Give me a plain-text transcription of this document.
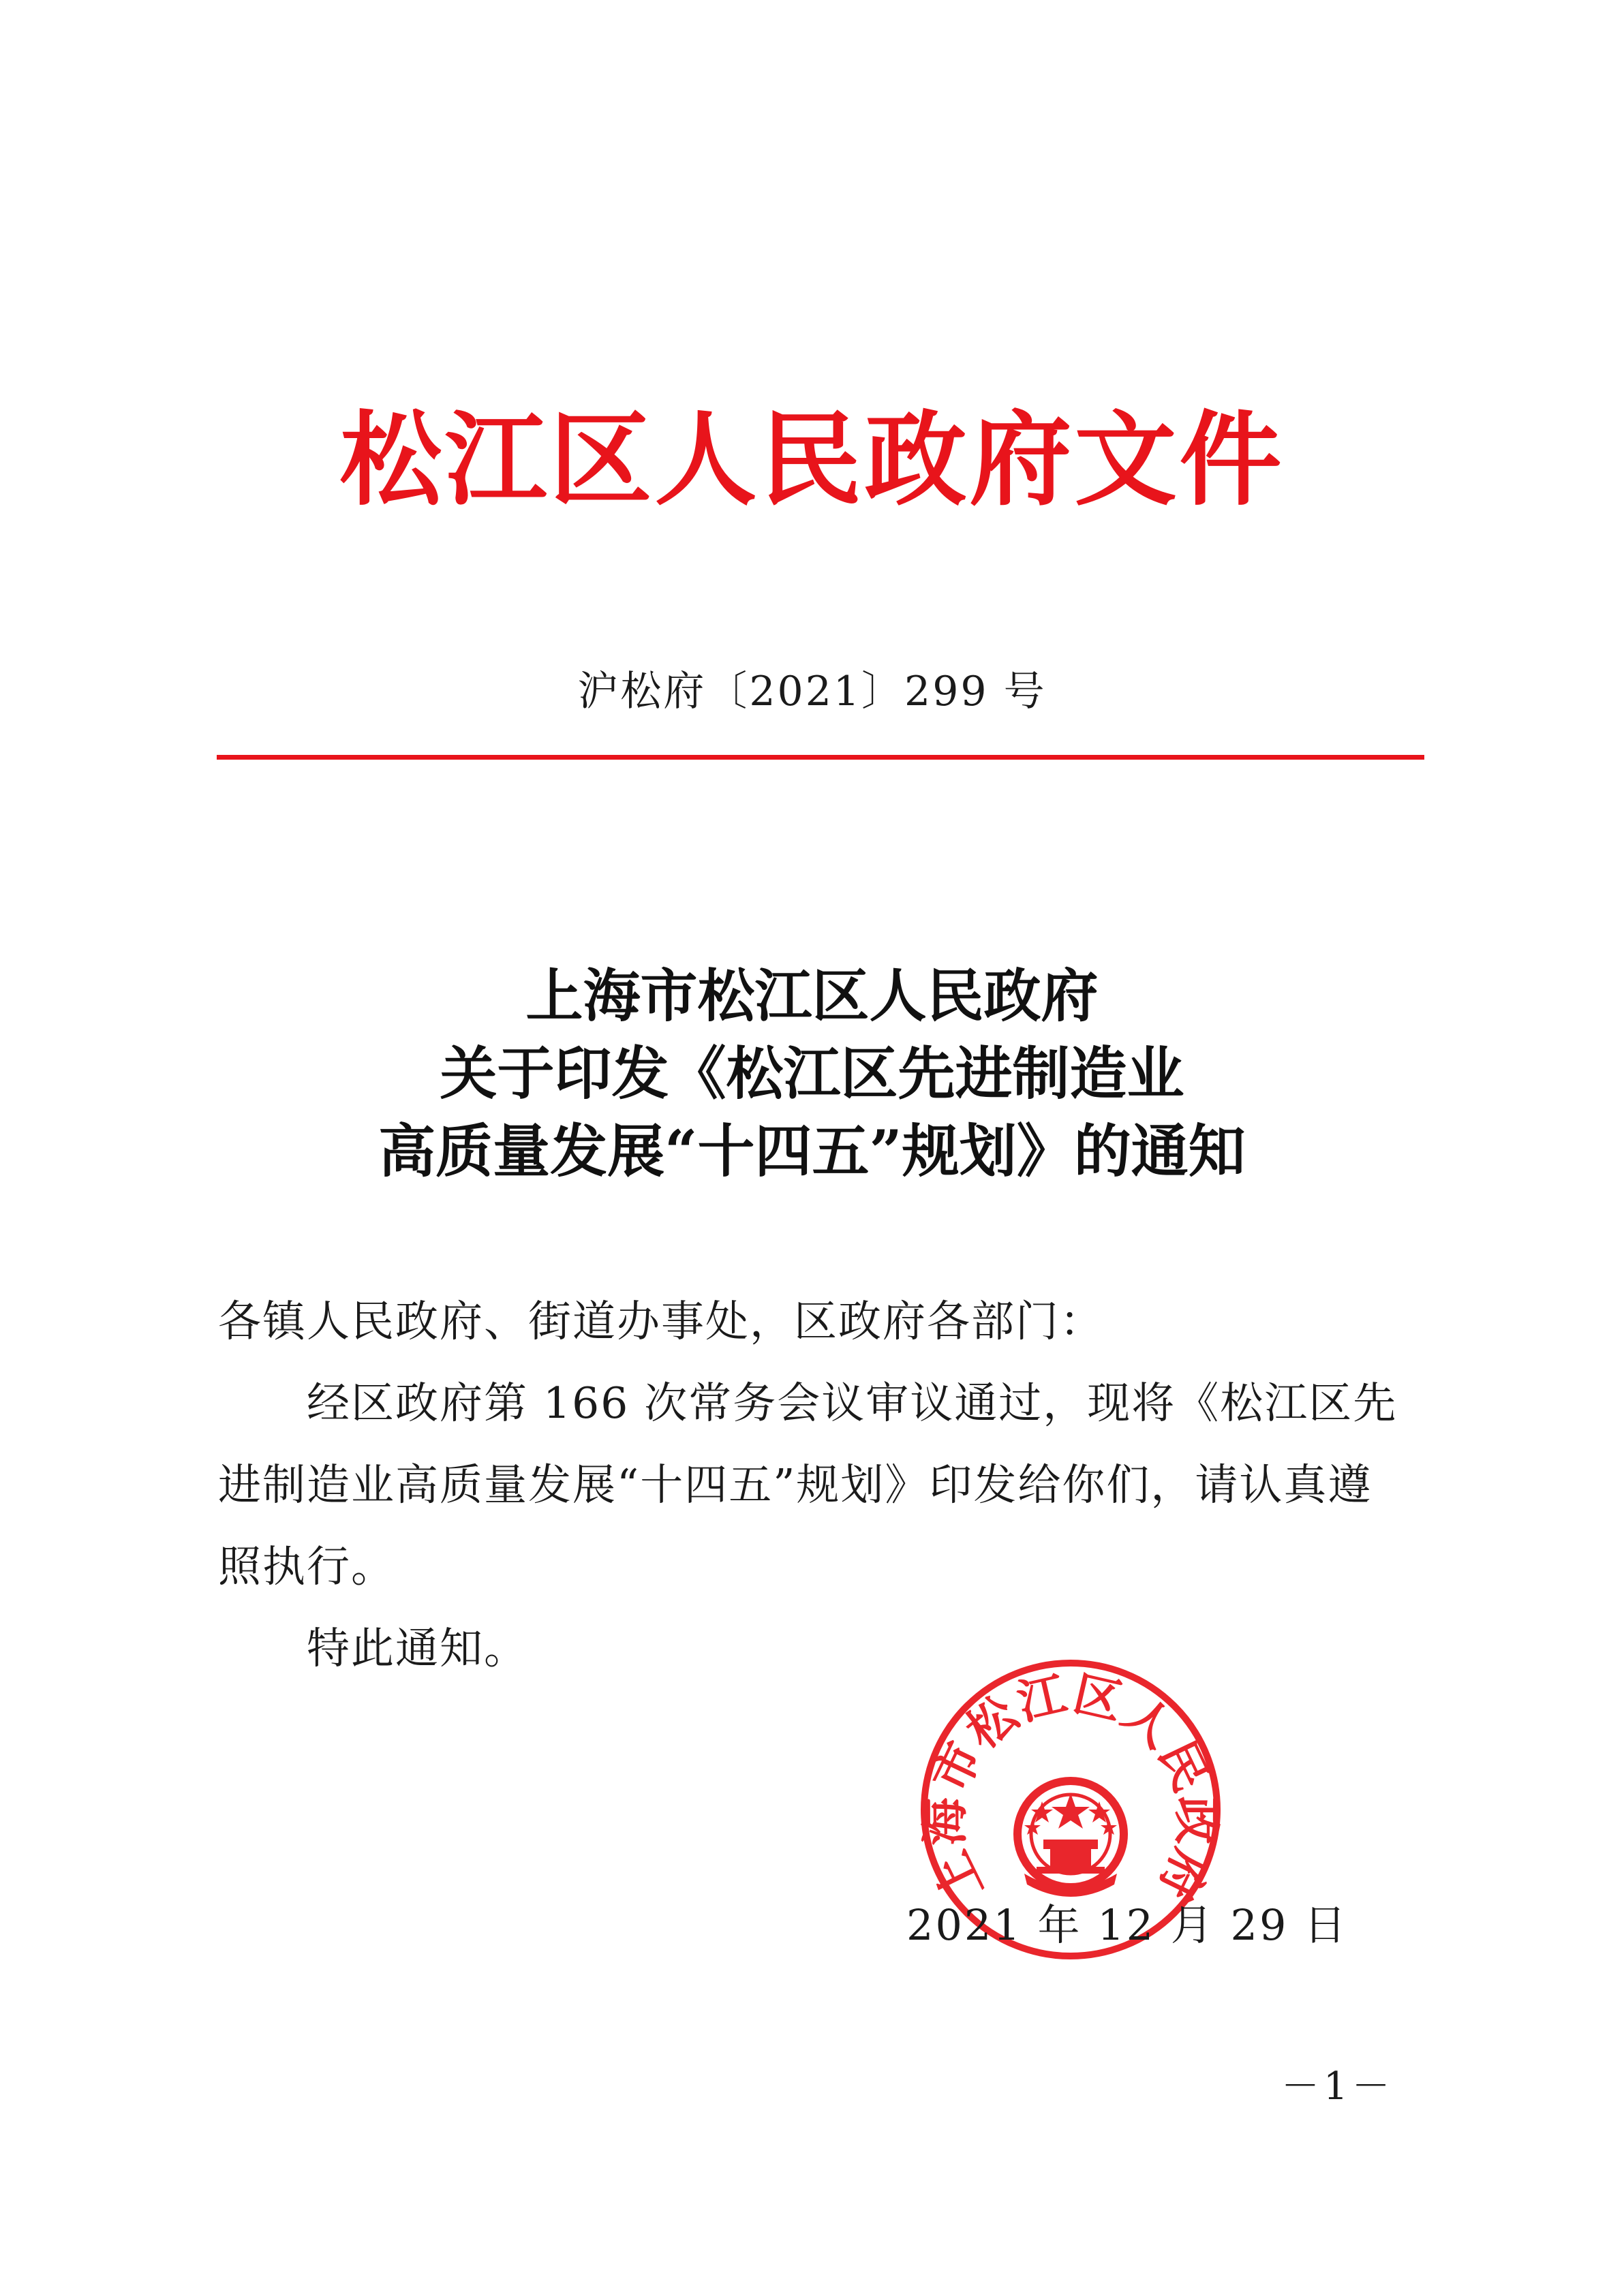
松江区人民政府文件
沪松府〔2021〕299 号
上海市松江区人民政府
关于印发《松江区先进制造业
高质量发展“十四五”规划》的通知

各镇人民政府、街道办事处，区政府各部门：

经区政府第 166 次常务会议审议通过，现将《松江区先进制造业高质量发展“十四五”规划》印发给你们，请认真遵照执行。

特此通知。

上海市松江区人民政府
2021 年 12 月 29 日
－1－
